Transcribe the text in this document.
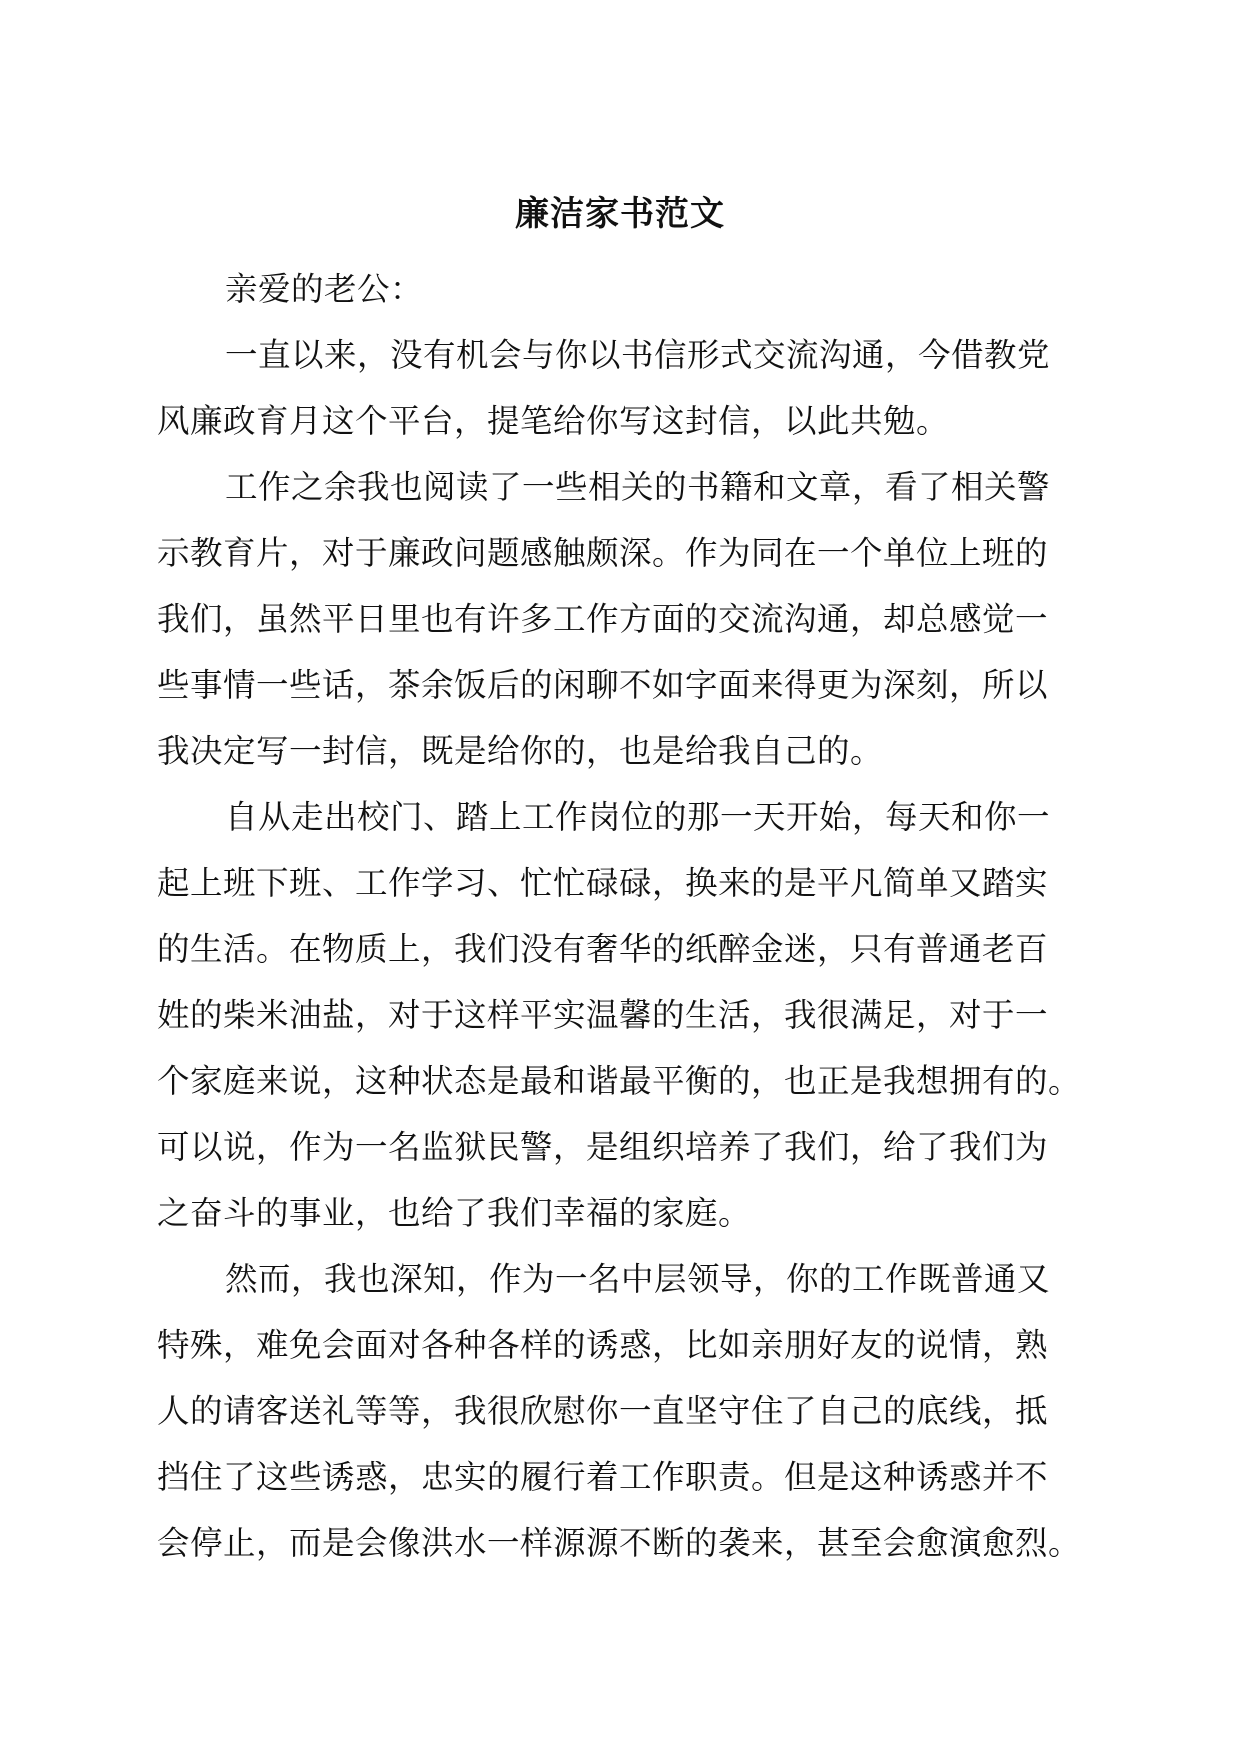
廉洁家书范文
亲爱的老公：
一直以来，没有机会与你以书信形式交流沟通，今借教党
风廉政育月这个平台，提笔给你写这封信，以此共勉。
工作之余我也阅读了一些相关的书籍和文章，看了相关警
示教育片，对于廉政问题感触颇深。作为同在一个单位上班的
我们，虽然平日里也有许多工作方面的交流沟通，却总感觉一
些事情一些话，茶余饭后的闲聊不如字面来得更为深刻，所以
我决定写一封信，既是给你的，也是给我自己的。
自从走出校门、踏上工作岗位的那一天开始，每天和你一
起上班下班、工作学习、忙忙碌碌，换来的是平凡简单又踏实
的生活。在物质上，我们没有奢华的纸醉金迷，只有普通老百
姓的柴米油盐，对于这样平实温馨的生活，我很满足，对于一
个家庭来说，这种状态是最和谐最平衡的，也正是我想拥有的。
可以说，作为一名监狱民警，是组织培养了我们，给了我们为
之奋斗的事业，也给了我们幸福的家庭。
然而，我也深知，作为一名中层领导，你的工作既普通又
特殊，难免会面对各种各样的诱惑，比如亲朋好友的说情，熟
人的请客送礼等等，我很欣慰你一直坚守住了自己的底线，抵
挡住了这些诱惑，忠实的履行着工作职责。但是这种诱惑并不
会停止，而是会像洪水一样源源不断的袭来，甚至会愈演愈烈。
